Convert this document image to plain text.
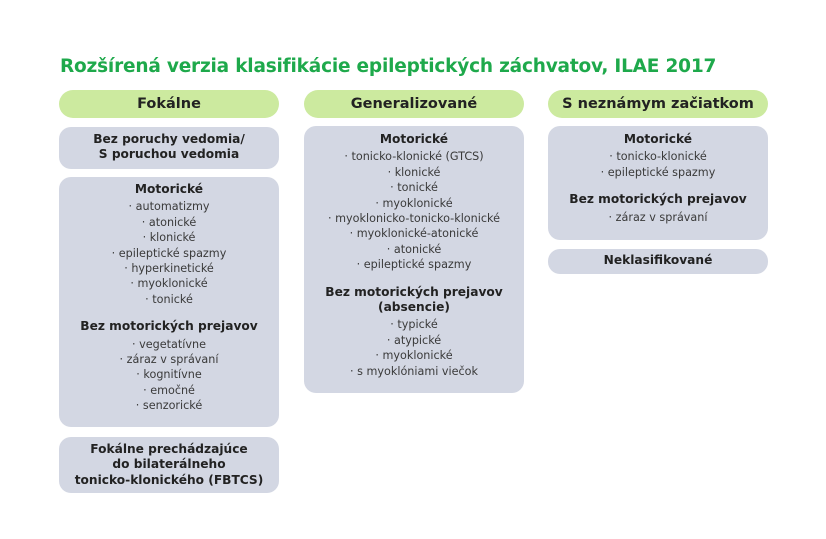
Rozšírená verzia klasifikácie epileptických záchvatov, ILAE 2017
Fokálne
Bez poruchy vedomia/
S poruchou vedomia
Motorické
· automatizmy
· atonické
· klonické
· epileptické spazmy
· hyperkinetické
· myoklonické
· tonické
Bez motorických prejavov
· vegetatívne
· záraz v správaní
· kognitívne
· emočné
· senzorické
Fokálne prechádzajúce
do bilaterálneho
tonicko-klonického (FBTCS)
Generalizované
Motorické
· tonicko-klonické (GTCS)
· klonické
· tonické
· myoklonické
· myoklonicko-tonicko-klonické
· myoklonické-atonické
· atonické
· epileptické spazmy
Bez motorických prejavov
(absencie)
· typické
· atypické
· myoklonické
· s myoklóniami viečok
S neznámym začiatkom
Motorické
· tonicko-klonické
· epileptické spazmy
Bez motorických prejavov
· záraz v správaní
Neklasifikované
